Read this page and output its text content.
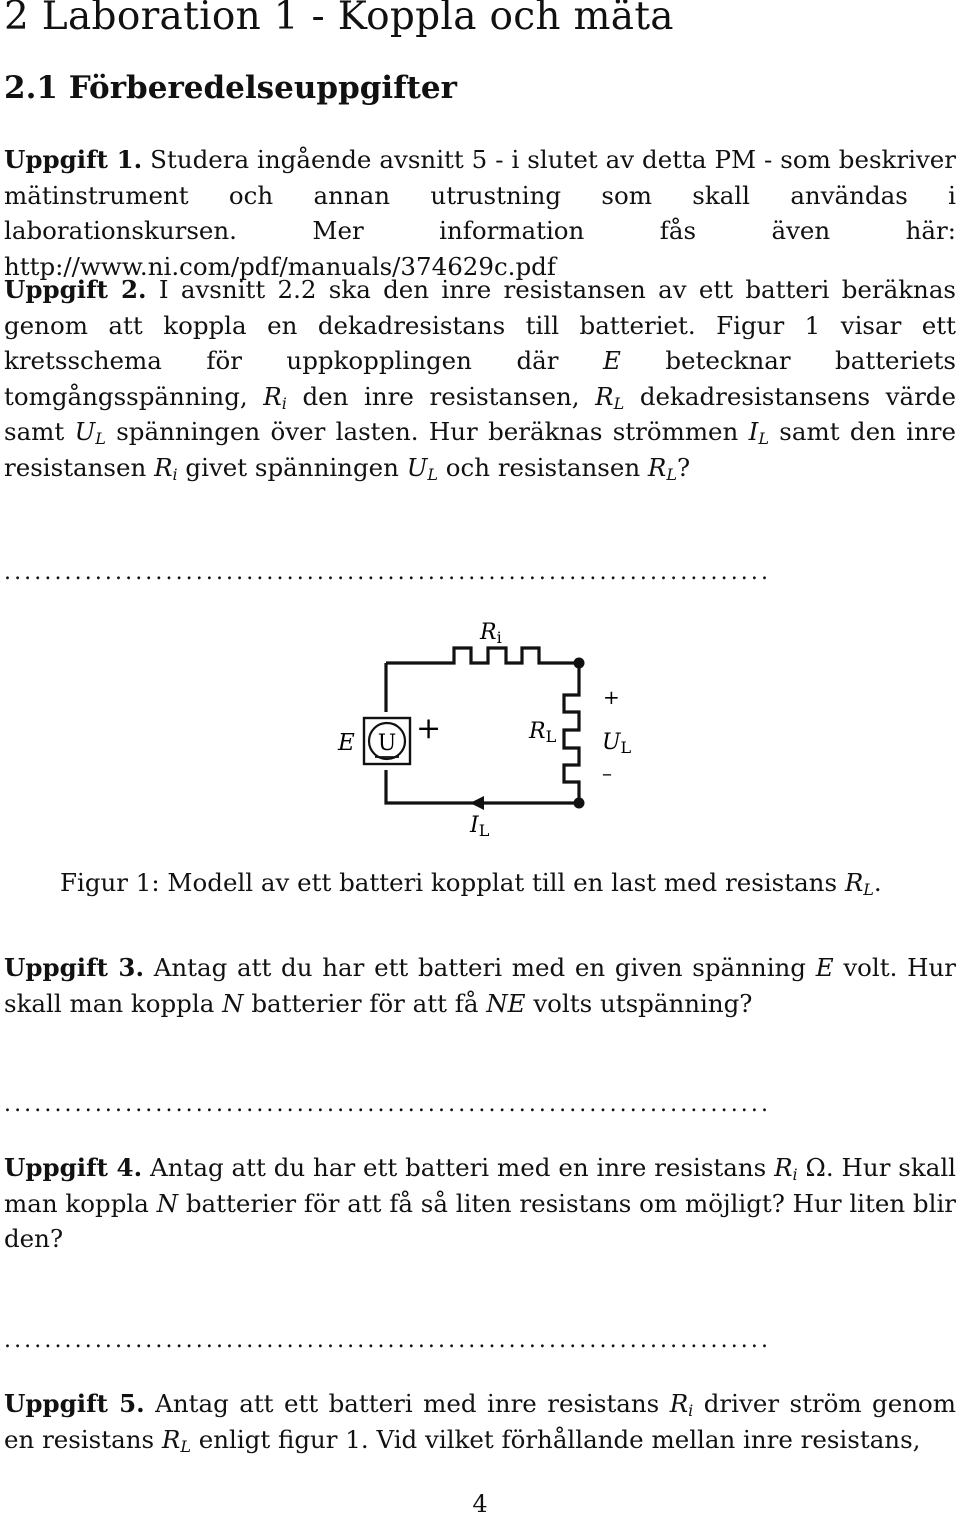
2 Laboration 1 - Koppla och mäta
2.1 Förberedelseuppgifter

Uppgift 1. Studera ingående avsnitt 5 - i slutet av detta PM - som beskriver mätinstrument och annan utrustning som skall användas i laborationskursen. Mer information fås även här: http://www.ni.com/pdf/manuals/374629c.pdf

Uppgift 2. I avsnitt 2.2 ska den inre resistansen av ett batteri beräknas genom att koppla en dekadresistans till batteriet. Figur 1 visar ett kretsschema för uppkopplingen där E betecknar batteriets tomgångsspänning, $R_i$ den inre resistansen, $R_L$ dekadresistansens värde samt $U_L$ spänningen över lasten. Hur beräknas strömmen $I_L$ samt den inre resistansen $R_i$ givet spänningen $U_L$ och resistansen $R_L$?

............................................................................
U
Ri
E +	RL
+
UL
–
IL
Figur 1: Modell av ett batteri kopplat till en last med resistans $R_L$.

Uppgift 3. Antag att du har ett batteri med en given spänning E volt. Hur skall man koppla N batterier för att få NE volts utspänning?

............................................................................

Uppgift 4. Antag att du har ett batteri med en inre resistans $R_i$ Ω. Hur skall man koppla N batterier för att få så liten resistans om möjligt? Hur liten blir den?

............................................................................

Uppgift 5. Antag att ett batteri med inre resistans $R_i$ driver ström genom en resistans $R_L$ enligt figur 1. Vid vilket förhållande mellan inre resistans,

4
